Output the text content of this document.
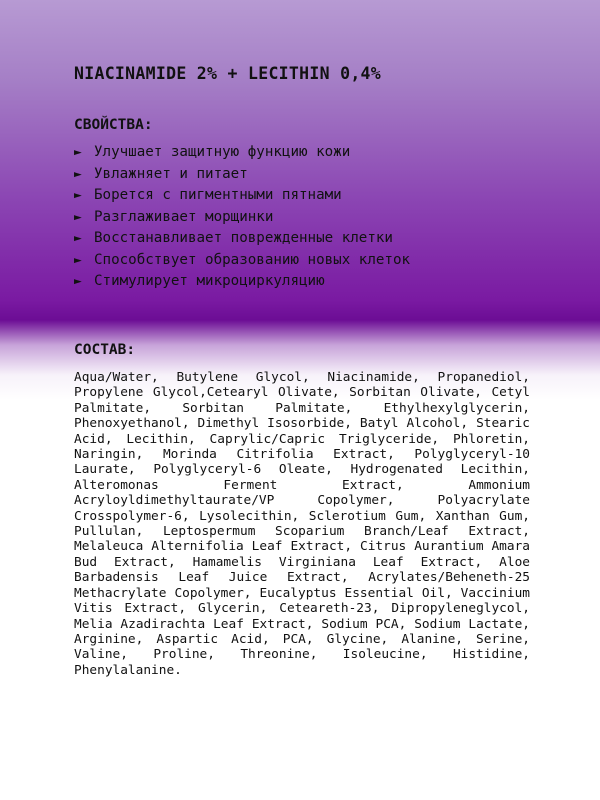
NIACINAMIDE 2% + LECITHIN 0,4%
СВОЙСТВА:
► Улучшает защитную функцию кожи
► Увлажняет и питает
► Борется с пигментными пятнами
► Разглаживает морщинки
► Восстанавливает поврежденные клетки
► Способствует образованию новых клеток
► Стимулирует микроциркуляцию
СОСТАВ:
Aqua/Water, Butylene Glycol, Niacinamide, Propanediol, Propylene Glycol,Cetearyl Olivate, Sorbitan Olivate, Cetyl Palmitate, Sorbitan Palmitate, Ethylhexylglycerin, Phenoxyethanol, Dimethyl Isosorbide, Batyl Alcohol, Stearic Acid, Lecithin, Caprylic/Capric Triglyceride, Phloretin, Naringin, Morinda Citrifolia Extract, Polyglyceryl-10 Laurate, Polyglyceryl-6 Oleate, Hydrogenated Lecithin, Alteromonas Ferment Extract, Ammonium Acryloyldimethyltaurate/VP Copolymer, Polyacrylate Crosspolymer-6, Lysolecithin, Sclerotium Gum, Xanthan Gum, Pullulan, Leptospermum Scoparium Branch/Leaf Extract, Melaleuca Alternifolia Leaf Extract, Citrus Aurantium Amara Bud Extract, Hamamelis Virginiana Leaf Extract, Aloe Barbadensis Leaf Juice Extract, Acrylates/Beheneth-25 Methacrylate Copolymer, Eucalyptus Essential Oil, Vaccinium Vitis Extract, Glycerin, Ceteareth-23, Dipropyleneglycol, Melia Azadirachta Leaf Extract, Sodium PCA, Sodium Lactate, Arginine, Aspartic Acid, PCA, Glycine, Alanine, Serine, Valine, Proline, Threonine, Isoleucine, Histidine, Phenylalanine.
